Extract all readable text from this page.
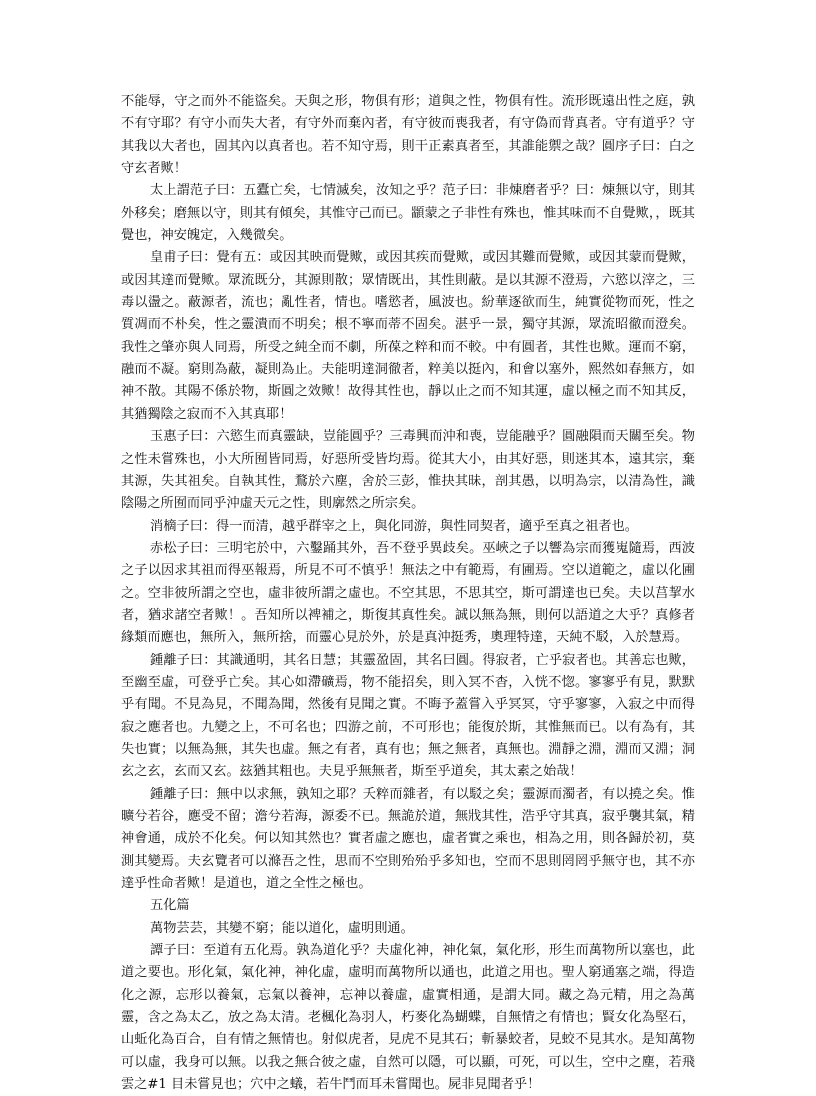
不能辱，守之而外不能盜矣。天與之形，物俱有形；道與之性，物俱有性。流形既遠出性之庭，孰不有守耶？有守小而失大者，有守外而棄內者，有守彼而喪我者，有守偽而背真者。守有道乎？守其我以大者也，固其內以真者也。若不知守焉，則干正素真者至，其誰能禦之哉？圓序子曰：白之守玄者歟！

太上謂范子曰：五蠹亡矣，七情滅矣，汝知之乎？范子曰：非煉磨者乎？曰：煉無以守，則其外移矣；磨無以守，則其有傾矣，其惟守己而已。顓蒙之子非性有殊也，惟其味而不自覺歟，，既其覺也，神安魄定，入幾微矣。

皇甫子曰：覺有五：或因其映而覺歟，或因其疾而覺歟，或因其難而覺歟，或因其蒙而覺歟，或因其達而覺歟。眾流既分，其源則散；眾情既出，其性則蔽。是以其源不澄焉，六慾以滓之，三毒以盪之。蔽源者，流也；亂性者，情也。嗜慾者，風波也。紛華逐欲而生，純實從物而死，性之質凋而不朴矣，性之靈潰而不明矣；根不寧而蒂不固矣。湛乎一景，獨守其源，眾流昭徹而澄矣。我性之肇亦與人同焉，所受之純全而不劇，所葆之粹和而不較。中有圓者，其性也歟。運而不窮，融而不凝。窮則為蔽，凝則為止。夫能明達洞徹者，粹美以挺內，和會以塞外，熙然如春無方，如神不散。其陽不係於物，斯圓之效歟！故得其性也，靜以止之而不知其運，虛以極之而不知其反，其猶獨陰之寂而不入其真耶！

玉惠子曰：六慾生而真靈缺，豈能圓乎？三毒興而沖和喪，豈能融乎？圓融隕而天關至矣。物之性未嘗殊也，小大所囿皆同焉，好惡所受皆均焉。從其大小，由其好惡，則迷其本，遠其宗，棄其源，失其祖矣。自執其性，鶩於六塵，舍於三彭，惟抉其昧，剖其愚，以明為宗，以清為性，識陰陽之所囿而同乎沖虛天元之性，則廓然之所宗矣。

消樀子曰：得一而清，越乎群宰之上，與化同游，與性同契者，適乎至真之祖者也。

赤松子曰：三明宅於中，六鑿踊其外，吾不登乎異歧矣。巫峽之子以響為宗而獲嵬隨焉，西波之子以因求其祖而得巫報焉，所見不可不慎乎！無法之中有範焉，有圃焉。空以道範之，虛以化圃之。空非彼所謂之空也，虛非彼所謂之虛也。不空其思，不思其空，斯可謂達也已矣。夫以莒挈水者，猶求諸空者歟！。吾知所以裨補之，斯復其真性矣。誠以無為無，則何以語道之大乎？真修者緣類而應也，無所入，無所捨，而靈心見於外，於是真沖挺秀，奧理特達，天純不駁，入於慧焉。

鍾離子曰：其識通明，其名日慧；其靈盈固，其名曰圓。得寂者，亡乎寂者也。其善忘也歟，至幽至虛，可登乎亡矣。其心如滯礦焉，物不能招矣，則入冥不杳，入恍不惚。寥寥乎有見，默默乎有聞。不見為見，不聞為聞，然後有見聞之實。不晦予蓋嘗入乎冥冥，守乎寥寥，入寂之中而得寂之應者也。九變之上，不可名也；四游之前，不可形也；能復於斯，其惟無而已。以有為有，其失也實；以無為無，其失也虛。無之有者，真有也；無之無者，真無也。淵靜之淵，淵而又淵；洞玄之玄，玄而又玄。玆猶其粗也。夫見乎無無者，斯至乎道矣，其太素之始哉！

鍾離子曰：無中以求無，孰知之耶？夭粹而雜者，有以駁之矣；靈源而濁者，有以撓之矣。惟曠兮若谷，應受不留；澹兮若海，源委不已。無詭於道，無戕其性，浩乎守其真，寂乎襲其氣，精神會通，成於不化矣。何以知其然也？實者虛之應也，虛者實之乘也，相為之用，則各歸於初，莫測其變焉。夫玄覽者可以滌吾之性，思而不空則殆殆乎多知也，空而不思則罔罔乎無守也，其不亦達乎性命者歟！是道也，道之全性之極也。

五化篇

萬物芸芸，其變不窮；能以道化，虛明則通。

譚子曰：至道有五化焉。孰為道化乎？夫虛化神，神化氣，氣化形，形生而萬物所以塞也，此道之要也。形化氣，氣化神，神化虛，虛明而萬物所以通也，此道之用也。聖人窮通塞之端，得造化之源，忘形以養氣，忘氣以養神，忘神以養虛，虛實相通，是謂大同。藏之為元精，用之為萬靈，含之為太乙，放之為太清。老楓化為羽人，朽麥化為蝴蝶，自無情之有情也；賢女化為堅石，山蚯化為百合，自有情之無情也。射似虎者，見虎不見其石；斬暴蛟者，見蛟不見其水。是知萬物可以虛，我身可以無。以我之無合彼之虛，自然可以隱，可以顯，可死，可以生，空中之塵，若飛雲之#1 目未嘗見也；穴中之蟻，若牛鬥而耳未嘗聞也。屍非見聞者乎！
